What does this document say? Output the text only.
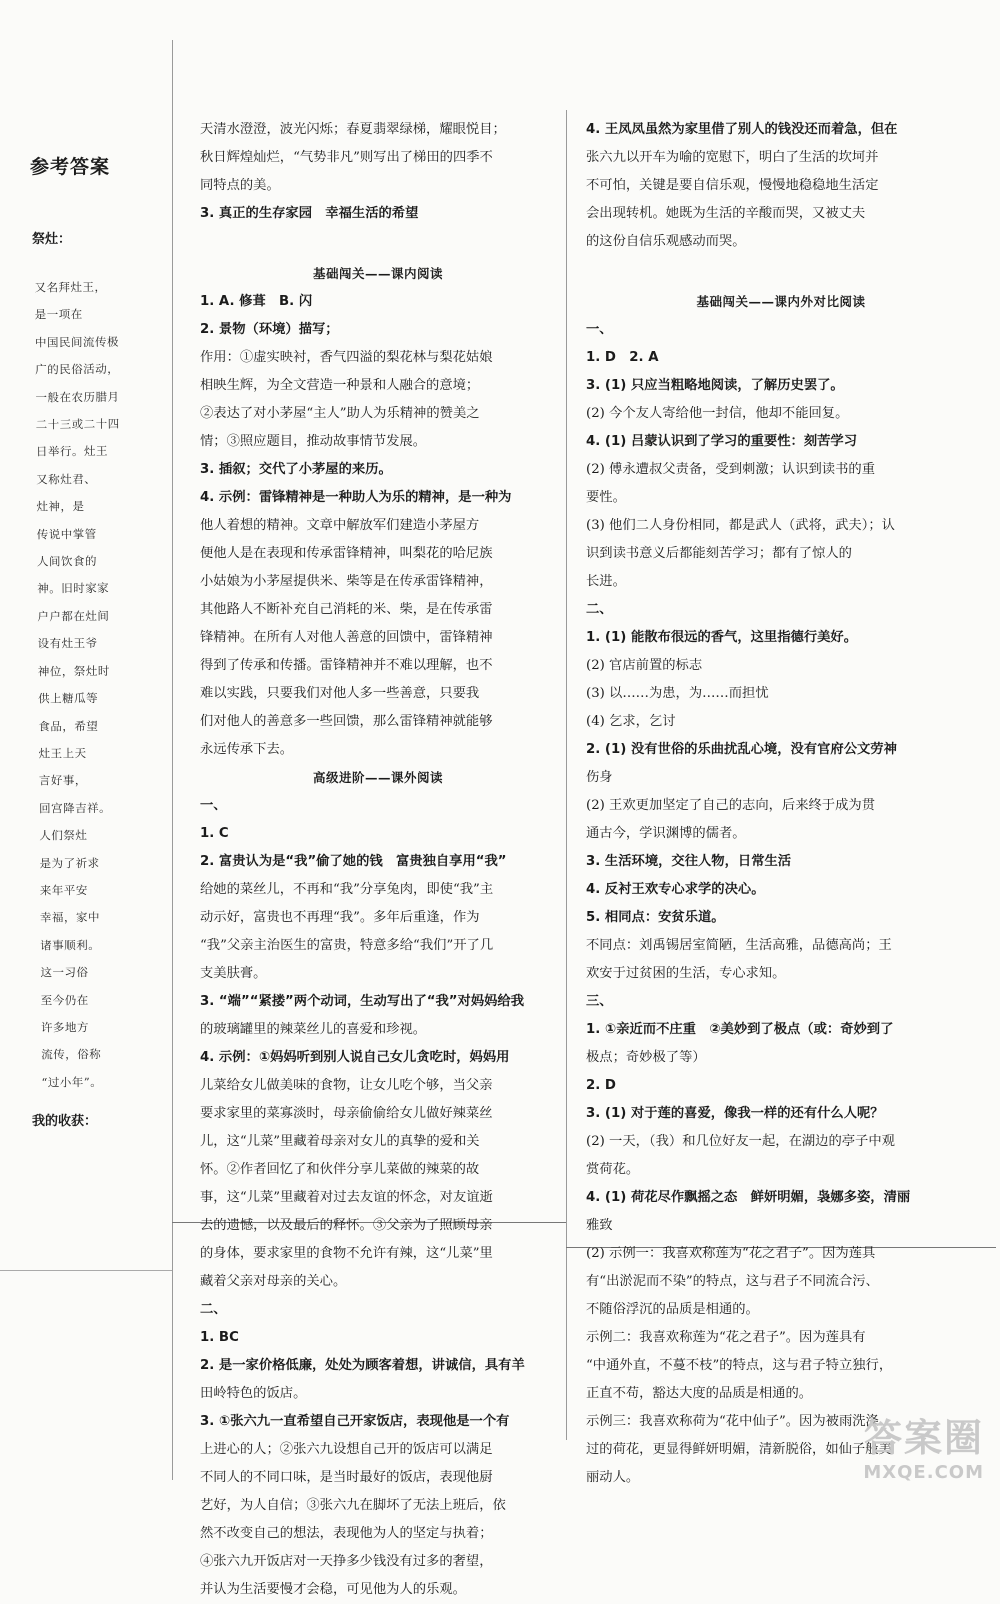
参考答案
祭灶：
又名拜灶王，
是一项在
中国民间流传极
广的民俗活动，
一般在农历腊月
二十三或二十四
日举行。灶王
又称灶君、
灶神，是
传说中掌管
人间饮食的
神。旧时家家
户户都在灶间
设有灶王爷
神位，祭灶时
供上糖瓜等
食品，希望
灶王上天
言好事，
回宫降吉祥。
人们祭灶
是为了祈求
来年平安
幸福，家中
诸事顺利。
这一习俗
至今仍在
许多地方
流传，俗称
“过小年”。
我的收获：
天清水澄澄，波光闪烁；春夏翡翠绿梯，耀眼悦目；
秋日辉煌灿烂，“气势非凡”则写出了梯田的四季不
同特点的美。

3. 真正的生存家园　幸福生活的希望

基础闯关——课内阅读

1. A. 修葺　B. 闪
2. 景物（环境）描写；
作用：①虚实映衬，香气四溢的梨花林与梨花姑娘
相映生辉，为全文营造一种景和人融合的意境；
②表达了对小茅屋“主人”助人为乐精神的赞美之
情；③照应题目，推动故事情节发展。
3. 插叙；交代了小茅屋的来历。
4. 示例：雷锋精神是一种助人为乐的精神，是一种为
他人着想的精神。文章中解放军们建造小茅屋方
便他人是在表现和传承雷锋精神，叫梨花的哈尼族
小姑娘为小茅屋提供米、柴等是在传承雷锋精神，
其他路人不断补充自己消耗的米、柴，是在传承雷
锋精神。在所有人对他人善意的回馈中，雷锋精神
得到了传承和传播。雷锋精神并不难以理解，也不
难以实践，只要我们对他人多一些善意，只要我
们对他人的善意多一些回馈，那么雷锋精神就能够
永远传承下去。

高级进阶——课外阅读

一、
1. C
2. 富贵认为是“我”偷了她的钱　富贵独自享用“我”
给她的菜丝儿，不再和“我”分享兔肉，即使“我”主
动示好，富贵也不再理“我”。多年后重逢，作为
“我”父亲主治医生的富贵，特意多给“我们”开了几
支美肤膏。
3. “端”“紧搂”两个动词，生动写出了“我”对妈妈给我
的玻璃罐里的辣菜丝儿的喜爱和珍视。
4. 示例：①妈妈听到别人说自己女儿贪吃时，妈妈用
儿菜给女儿做美味的食物，让女儿吃个够，当父亲
要求家里的菜寡淡时，母亲偷偷给女儿做好辣菜丝
儿，这“儿菜”里藏着母亲对女儿的真挚的爱和关
怀。②作者回忆了和伙伴分享儿菜做的辣菜的故
事，这“儿菜”里藏着对过去友谊的怀念，对友谊逝
去的遗憾，以及最后的释怀。③父亲为了照顾母亲
的身体，要求家里的食物不允许有辣，这“儿菜”里
藏着父亲对母亲的关心。
二、
1. BC
2. 是一家价格低廉，处处为顾客着想，讲诚信，具有羊
田岭特色的饭店。
3. ①张六九一直希望自己开家饭店，表现他是一个有
上进心的人；②张六九设想自己开的饭店可以满足
不同人的不同口味，是当时最好的饭店，表现他厨
艺好，为人自信；③张六九在脚坏了无法上班后，依
然不改变自己的想法，表现他为人的坚定与执着；
④张六九开饭店对一天挣多少钱没有过多的奢望，
并认为生活要慢才会稳，可见他为人的乐观。
4. 王凤凤虽然为家里借了别人的钱没还而着急，但在
张六九以开车为喻的宽慰下，明白了生活的坎坷并
不可怕，关键是要自信乐观，慢慢地稳稳地生活定
会出现转机。她既为生活的辛酸而哭，又被丈夫
的这份自信乐观感动而哭。

基础闯关——课内外对比阅读

一、
1. D　2. A
3. (1) 只应当粗略地阅读，了解历史罢了。
(2) 今个友人寄给他一封信，他却不能回复。
4. (1) 吕蒙认识到了学习的重要性：刻苦学习
(2) 傅永遭叔父责备，受到刺激；认识到读书的重
要性。
(3) 他们二人身份相同，都是武人（武将，武夫）；认
识到读书意义后都能刻苦学习；都有了惊人的
长进。
二、
1. (1) 能散布很远的香气，这里指德行美好。
(2) 官店前置的标志
(3) 以……为患，为……而担忧
(4) 乞求，乞讨
2. (1) 没有世俗的乐曲扰乱心境，没有官府公文劳神
伤身
(2) 王欢更加坚定了自己的志向，后来终于成为贯
通古今，学识渊博的儒者。
3. 生活环境，交往人物，日常生活
4. 反衬王欢专心求学的决心。
5. 相同点：安贫乐道。
不同点：刘禹锡居室简陋，生活高雅，品德高尚；王
欢安于过贫困的生活，专心求知。
三、
1. ①亲近而不庄重　②美妙到了极点（或：奇妙到了
极点；奇妙极了等）
2. D
3. (1) 对于莲的喜爱，像我一样的还有什么人呢？
(2) 一天，（我）和几位好友一起，在湖边的亭子中观
赏荷花。
4. (1) 荷花尽作飘摇之态　鲜妍明媚，袅娜多姿，清丽
雅致
(2) 示例一：我喜欢称莲为“花之君子”。因为莲具
有“出淤泥而不染”的特点，这与君子不同流合污、
不随俗浮沉的品质是相通的。
示例二：我喜欢称莲为“花之君子”。因为莲具有
“中通外直，不蔓不枝”的特点，这与君子特立独行，
正直不苟，豁达大度的品质是相通的。
示例三：我喜欢称荷为“花中仙子”。因为被雨洗涤
过的荷花，更显得鲜妍明媚，清新脱俗，如仙子般美
丽动人。
答案圈
MXQE.COM
